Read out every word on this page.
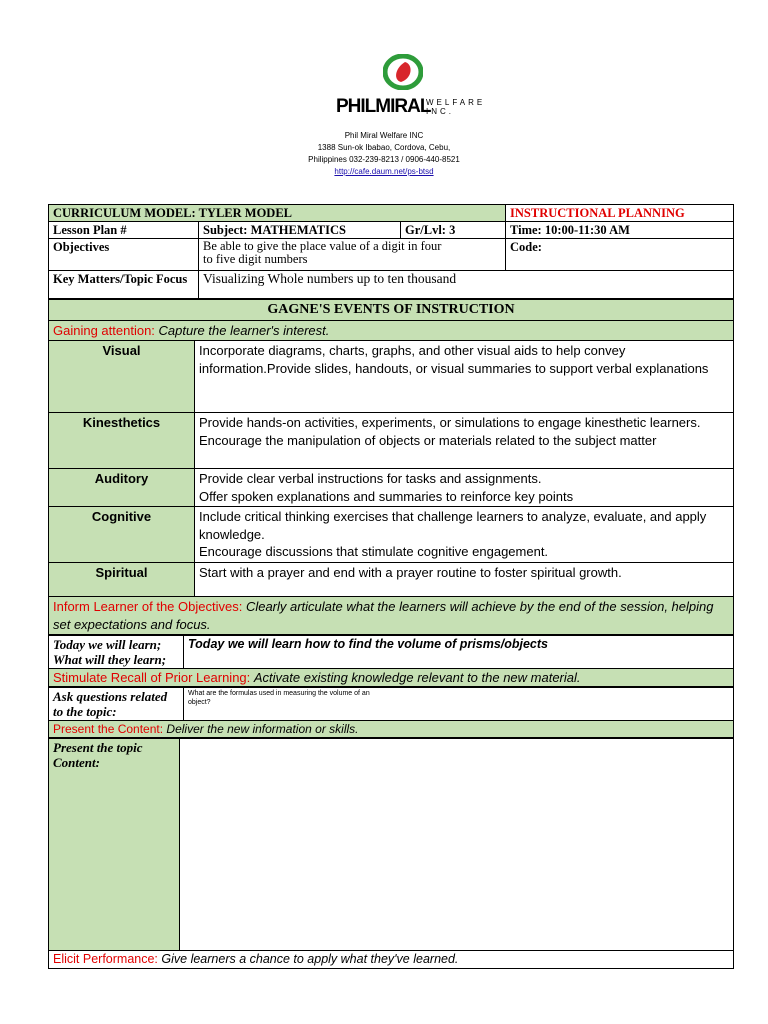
PHILMIRAL
WELFARE
INC.
Phil Miral Welfare INC
1388 Sun-ok Ibabao, Cordova, Cebu,
Philippines 032-239-8213 / 0906-440-8521
http://cafe.daum.net/ps-btsd
CURRICULUM MODEL: TYLER MODEL			INSTRUCTIONAL PLANNING
Lesson Plan #	Subject: MATHEMATICS	Gr/Lvl: 3	Time: 10:00-11:30 AM
Objectives	Be able to give the place value of a digit in four to five digit numbers		Code:
Key Matters/Topic Focus	Visualizing Whole numbers up to ten thousand		
GAGNE'S EVENTS OF INSTRUCTION	
Gaining attention: Capture the learner's interest.	
Visual	Incorporate diagrams, charts, graphs, and other visual aids to help convey information.Provide slides, handouts, or visual summaries to support verbal explanations
Kinesthetics	Provide hands-on activities, experiments, or simulations to engage kinesthetic learners.
Encourage the manipulation of objects or materials related to the subject matter
Auditory	Provide clear verbal instructions for tasks and assignments.
Offer spoken explanations and summaries to reinforce key points
Cognitive	Include critical thinking exercises that challenge learners to analyze, evaluate, and apply knowledge.
Encourage discussions that stimulate cognitive engagement.
Spiritual	Start with a prayer and end with a prayer routine to foster spiritual growth.
Inform Learner of the Objectives: Clearly articulate what the learners will achieve by the end of the session, helping set expectations and focus.	
Today we will learn; What will they learn;	Today we will learn how to find the volume of prisms/objects
Stimulate Recall of Prior Learning: Activate existing knowledge relevant to the new material.
Ask questions related to the topic:	What are the formulas used in measuring the volume of an object?
Present the Content: Deliver the new information or skills.
Present the topic Content:	
Elicit Performance: Give learners a chance to apply what they've learned.
